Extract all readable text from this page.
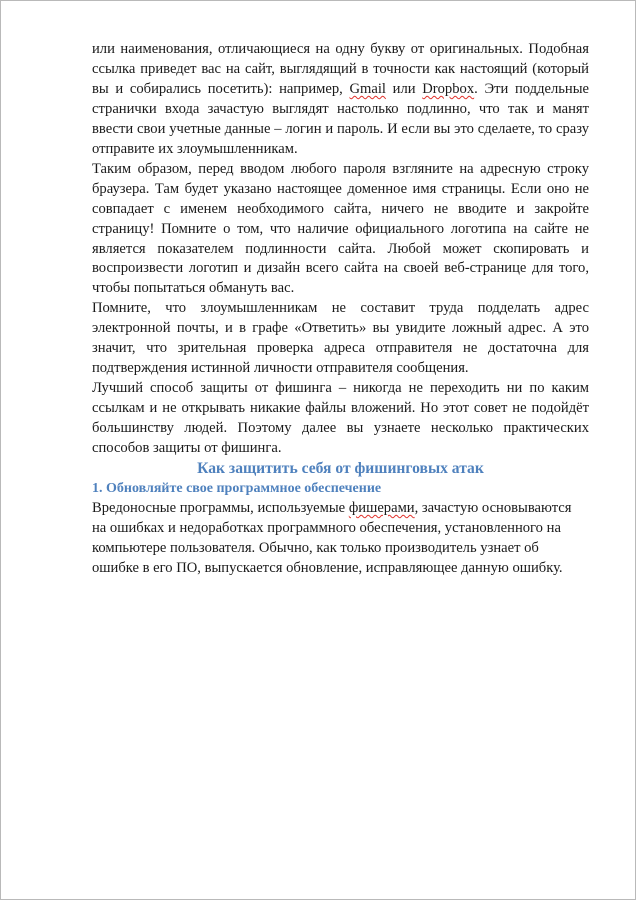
или наименования, отличающиеся на одну букву от оригинальных. Подобная ссылка приведет вас на сайт, выглядящий в точности как настоящий (который вы и собирались посетить): например, Gmail или Dropbox. Эти поддельные странички входа зачастую выглядят настолько подлинно, что так и манят ввести свои учетные данные – логин и пароль. И если вы это сделаете, то сразу отправите их злоумышленникам.

Таким образом, перед вводом любого пароля взгляните на адресную строку браузера. Там будет указано настоящее доменное имя страницы. Если оно не совпадает с именем необходимого сайта, ничего не вводите и закройте страницу! Помните о том, что наличие официального логотипа на сайте не является показателем подлинности сайта. Любой может скопировать и воспроизвести логотип и дизайн всего сайта на своей веб-странице для того, чтобы попытаться обмануть вас.

Помните, что злоумышленникам не составит труда подделать адрес электронной почты, и в графе «Ответить» вы увидите ложный адрес. А это значит, что зрительная проверка адреса отправителя не достаточна для подтверждения истинной личности отправителя сообщения.

Лучший способ защиты от фишинга – никогда не переходить ни по каким ссылкам и не открывать никакие файлы вложений. Но этот совет не подойдёт большинству людей. Поэтому далее вы узнаете несколько практических способов защиты от фишинга.

Как защитить себя от фишинговых атак
1. Обновляйте свое программное обеспечение

Вредоносные программы, используемые фишерами, зачастую основываются на ошибках и недоработках программного обеспечения, установленного на компьютере пользователя. Обычно, как только производитель узнает об ошибке в его ПО, выпускается обновление, исправляющее данную ошибку.
